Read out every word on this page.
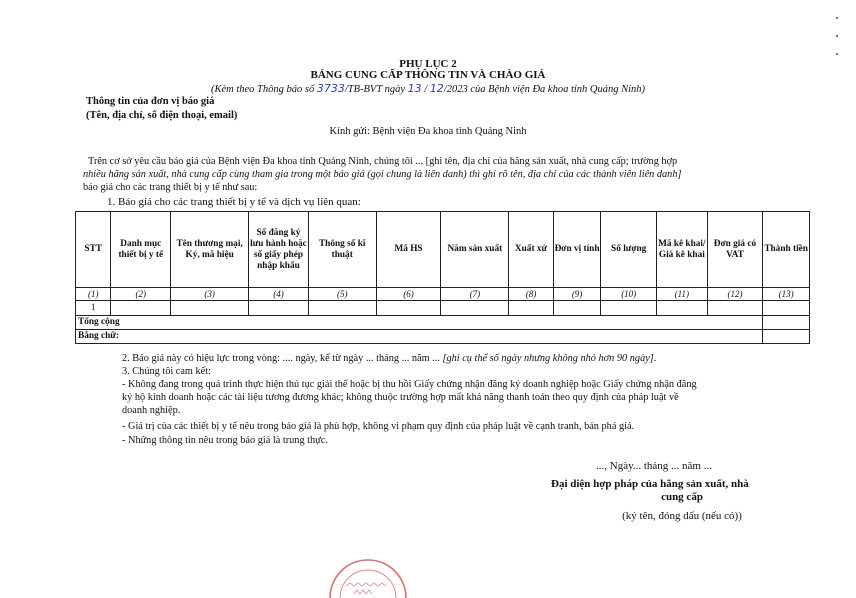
PHỤ LỤC 2
BẢNG CUNG CẤP THÔNG TIN VÀ CHÀO GIÁ
(Kèm theo Thông báo số 3733/TB-BVT ngày 13 / 12/2023 của Bệnh viện Đa khoa tỉnh Quảng Ninh)
Thông tin của đơn vị báo giá
(Tên, địa chỉ, số điện thoại, email)
Kính gửi: Bệnh viện Đa khoa tỉnh Quảng Ninh
Trên cơ sở yêu cầu báo giá của Bệnh viện Đa khoa tỉnh Quảng Ninh, chúng tôi ... [ghi tên, địa chỉ của hãng sản xuất, nhà cung cấp; trường hợp
nhiều hãng sản xuất, nhà cung cấp cùng tham gia trong một báo giá (gọi chung là liên danh) thì ghi rõ tên, địa chỉ của các thành viên liên danh]
báo giá cho các trang thiết bị y tế như sau:
1. Báo giá cho các trang thiết bị y tế và dịch vụ liên quan:
STT	Danh mục thiết bị y tế	Tên thương mại, Ký, mã hiệu	Số đăng ký lưu hành hoặc số giấy phép nhập khẩu	Thông số kĩ thuật	Mã HS	Năm sản xuất	Xuất xứ	Đơn vị tính	Số lượng	Mã kê khai/ Giá kê khai	Đơn giá có VAT	Thành tiền
(1)	(2)	(3)	(4)	(5)	(6)	(7)	(8)	(9)	(10)	(11)	(12)	(13)
1												
Tổng cộng												
Bằng chữ:												
2. Báo giá này có hiệu lực trong vòng: .... ngày, kể từ ngày ... tháng ... năm ... [ghi cụ thể số ngày nhưng không nhỏ hơn 90 ngày].
3. Chúng tôi cam kết:
- Không đang trong quá trình thực hiện thủ tục giải thể hoặc bị thu hồi Giấy chứng nhận đăng ký doanh nghiệp hoặc Giấy chứng nhận đăng
ký hộ kinh doanh hoặc các tài liệu tương đương khác; không thuộc trường hợp mất khả năng thanh toán theo quy định của pháp luật về
doanh nghiệp.
- Giá trị của các thiết bị y tế nêu trong báo giá là phù hợp, không vi phạm quy định của pháp luật về cạnh tranh, bán phá giá.
- Những thông tin nêu trong báo giá là trung thực.
..., Ngày... tháng ... năm ...
Đại diện hợp pháp của hãng sản xuất, nhà
cung cấp
(ký tên, đóng dấu (nếu có))
